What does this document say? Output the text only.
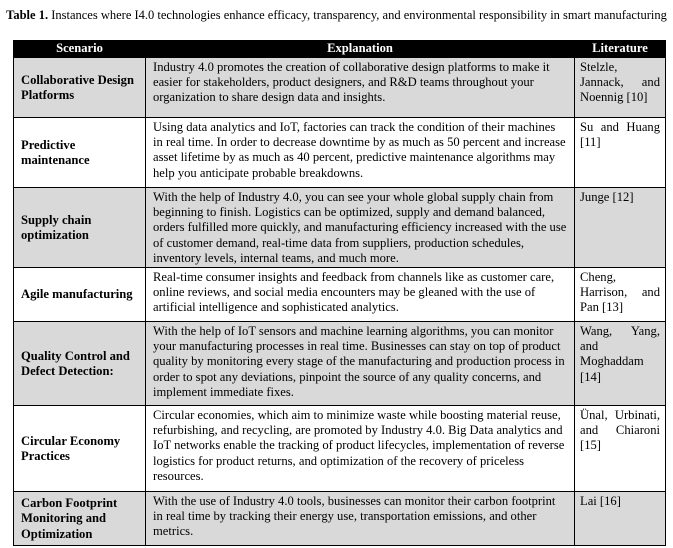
Table 1. Instances where I4.0 technologies enhance efficacy, transparency, and environmental responsibility in smart manufacturing
Scenario	Explanation	Literature
Collaborative Design Platforms	Industry 4.0 promotes the creation of collaborative design platforms to make it easier for stakeholders, product designers, and R&D teams throughout your organization to share design data and insights.	Stelzle, Jannack, and Noennig [10]
Predictive maintenance	Using data analytics and IoT, factories can track the condition of their machines in real time. In order to decrease downtime by as much as 50 percent and increase asset lifetime by as much as 40 percent, predictive maintenance algorithms may help you anticipate probable breakdowns.	Su and Huang [11]
Supply chain optimization	With the help of Industry 4.0, you can see your whole global supply chain from beginning to finish. Logistics can be optimized, supply and demand balanced, orders fulfilled more quickly, and manufacturing efficiency increased with the use of customer demand, real-time data from suppliers, production schedules, inventory levels, internal teams, and much more.	Junge [12]
Agile manufacturing	Real-time consumer insights and feedback from channels like as customer care, online reviews, and social media encounters may be gleaned with the use of artificial intelligence and sophisticated analytics.	Cheng, Harrison, and Pan [13]
Quality Control and Defect Detection:	With the help of IoT sensors and machine learning algorithms, you can monitor your manufacturing processes in real time. Businesses can stay on top of product quality by monitoring every stage of the manufacturing and production process in order to spot any deviations, pinpoint the source of any quality concerns, and implement immediate fixes.	Wang, Yang, and Moghaddam [14]
Circular Economy Practices	Circular economies, which aim to minimize waste while boosting material reuse, refurbishing, and recycling, are promoted by Industry 4.0. Big Data analytics and IoT networks enable the tracking of product lifecycles, implementation of reverse logistics for product returns, and optimization of the recovery of priceless resources.	Ünal, Urbinati, and Chiaroni [15]
Carbon Footprint Monitoring and Optimization	With the use of Industry 4.0 tools, businesses can monitor their carbon footprint in real time by tracking their energy use, transportation emissions, and other metrics.	Lai [16]
